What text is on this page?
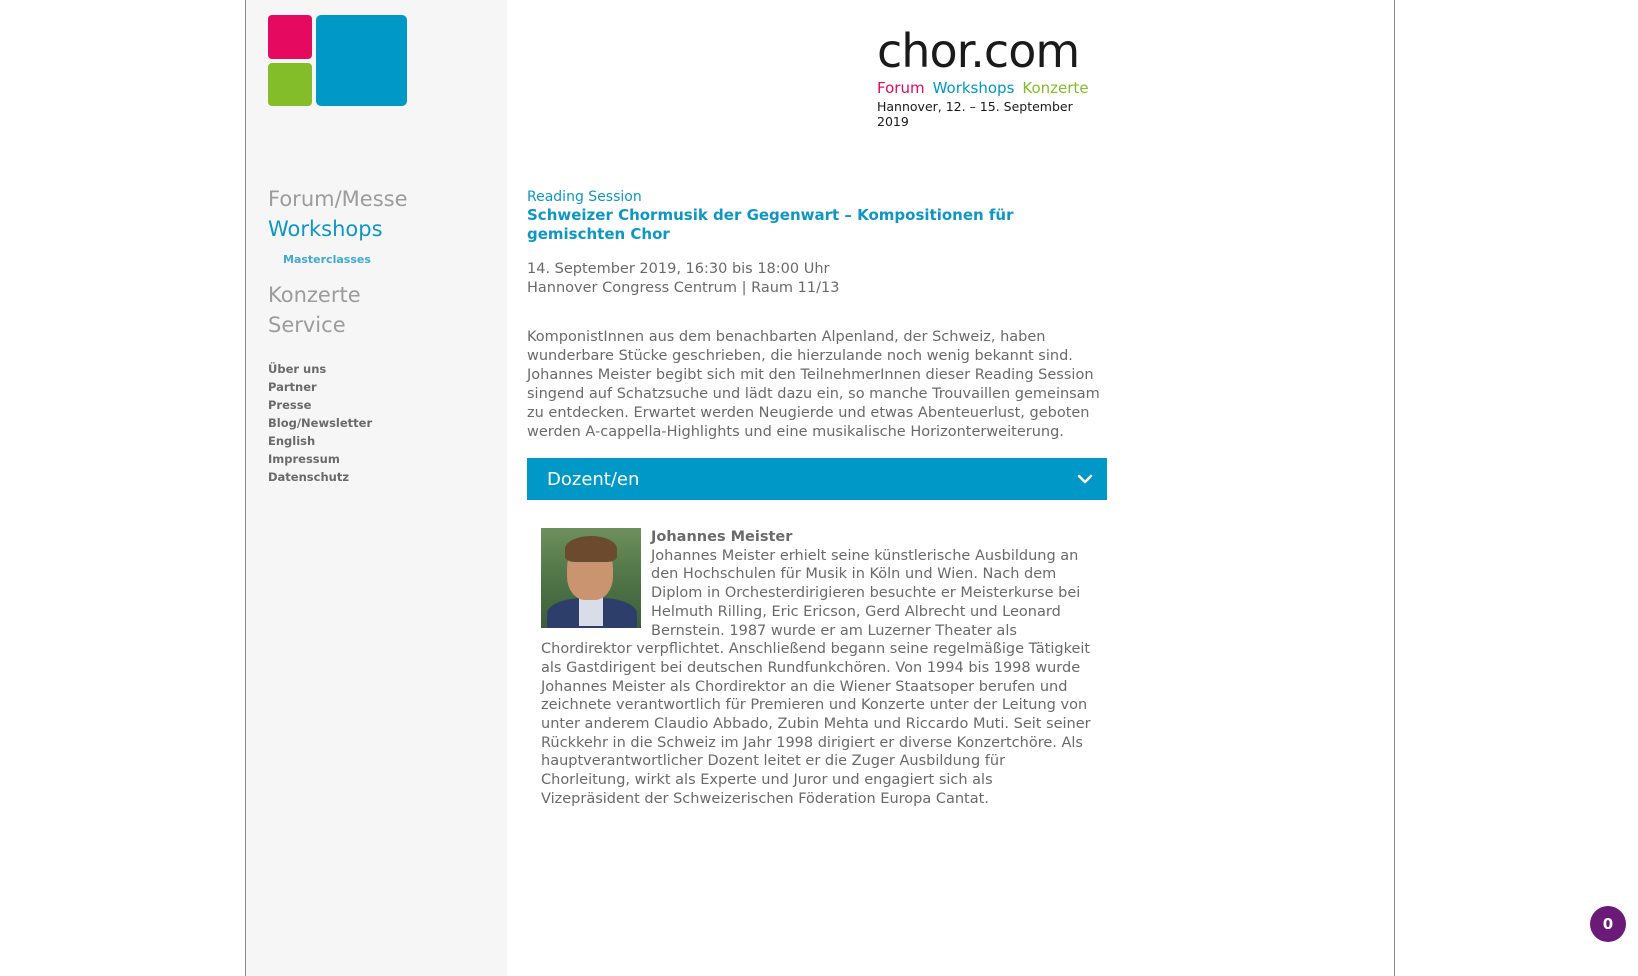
Forum/Messe
Workshops
Masterclasses
Konzerte
Service
Über uns
Partner
Presse
Blog/Newsletter
English
Impressum
Datenschutz
chor.com
Forum Workshops Konzerte
Hannover, 12. – 15. September 2019
Reading Session
Schweizer Chormusik der Gegenwart – Kompositionen für gemischten Chor
14. September 2019, 16:30 bis 18:00 Uhr
Hannover Congress Centrum | Raum 11/13

KomponistInnen aus dem benachbarten Alpenland, der Schweiz, haben wunderbare Stücke geschrieben, die hierzulande noch wenig bekannt sind. Johannes Meister begibt sich mit den TeilnehmerInnen dieser Reading Session singend auf Schatzsuche und lädt dazu ein, so manche Trouvaillen gemeinsam zu entdecken. Erwartet werden Neugierde und etwas Abenteuerlust, geboten werden A-cappella-Highlights und eine musikalische Horizonterweiterung.

Dozent/en
Johannes Meister
Johannes Meister erhielt seine künstlerische Ausbildung an den Hochschulen für Musik in Köln und Wien. Nach dem Diplom in Orchesterdirigieren besuchte er Meisterkurse bei Helmuth Rilling, Eric Ericson, Gerd Albrecht und Leonard Bernstein. 1987 wurde er am Luzerner Theater als Chordirektor verpflichtet. Anschließend begann seine regelmäßige Tätigkeit als Gastdirigent bei deutschen Rundfunkchören. Von 1994 bis 1998 wurde Johannes Meister als Chordirektor an die Wiener Staatsoper berufen und zeichnete verantwortlich für Premieren und Konzerte unter der Leitung von unter anderem Claudio Abbado, Zubin Mehta und Riccardo Muti. Seit seiner Rückkehr in die Schweiz im Jahr 1998 dirigiert er diverse Konzertchöre. Als hauptverantwortlicher Dozent leitet er die Zuger Ausbildung für Chorleitung, wirkt als Experte und Juror und engagiert sich als Vizepräsident der Schweizerischen Föderation Europa Cantat.
0
